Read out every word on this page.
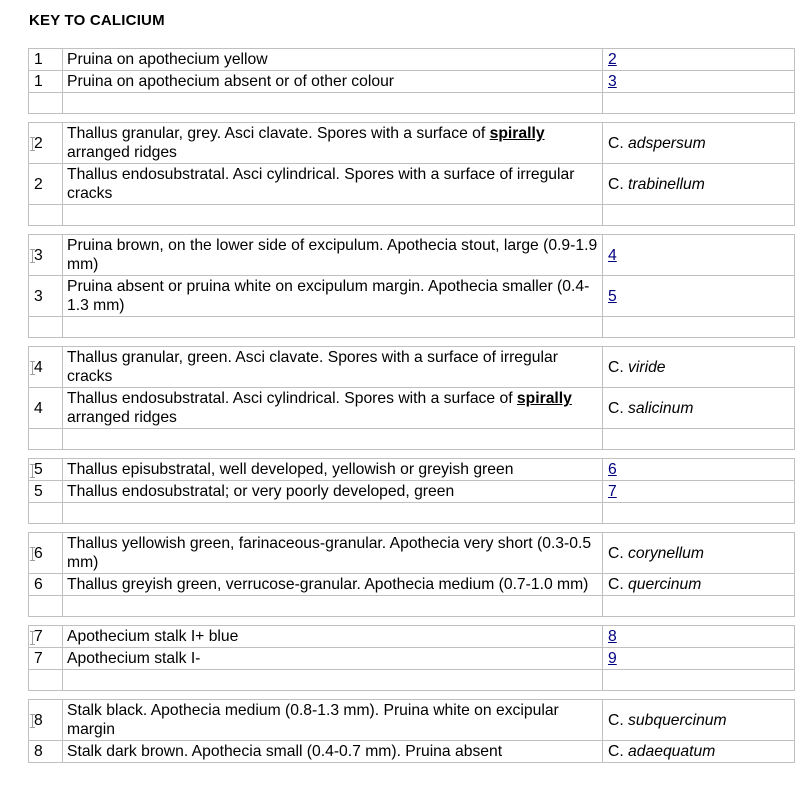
KEY TO CALICIUM
1	Pruina on apothecium yellow	2
1	Pruina on apothecium absent or of other colour	3

2	Thallus granular, grey. Asci clavate. Spores with a surface of spirally arranged ridges	C. adspersum
2	Thallus endosubstratal. Asci cylindrical. Spores with a surface of irregular cracks	C. trabinellum

3	Pruina brown, on the lower side of excipulum. Apothecia stout, large (0.9-1.9 mm)	4
3	Pruina absent or pruina white on excipulum margin. Apothecia smaller (0.4-1.3 mm)	5

4	Thallus granular, green. Asci clavate. Spores with a surface of irregular cracks	C. viride
4	Thallus endosubstratal. Asci cylindrical. Spores with a surface of spirally arranged ridges	C. salicinum

5	Thallus episubstratal, well developed, yellowish or greyish green	6
5	Thallus endosubstratal; or very poorly developed, green	7

6	Thallus yellowish green, farinaceous-granular. Apothecia very short (0.3-0.5 mm)	C. corynellum
6	Thallus greyish green, verrucose-granular. Apothecia medium (0.7-1.0 mm)	C. quercinum

7	Apothecium stalk I+ blue	8
7	Apothecium stalk I-	9

8	Stalk black. Apothecia medium (0.8-1.3 mm). Pruina white on excipular margin	C. subquercinum
8	Stalk dark brown. Apothecia small (0.4-0.7 mm). Pruina absent	C. adaequatum
